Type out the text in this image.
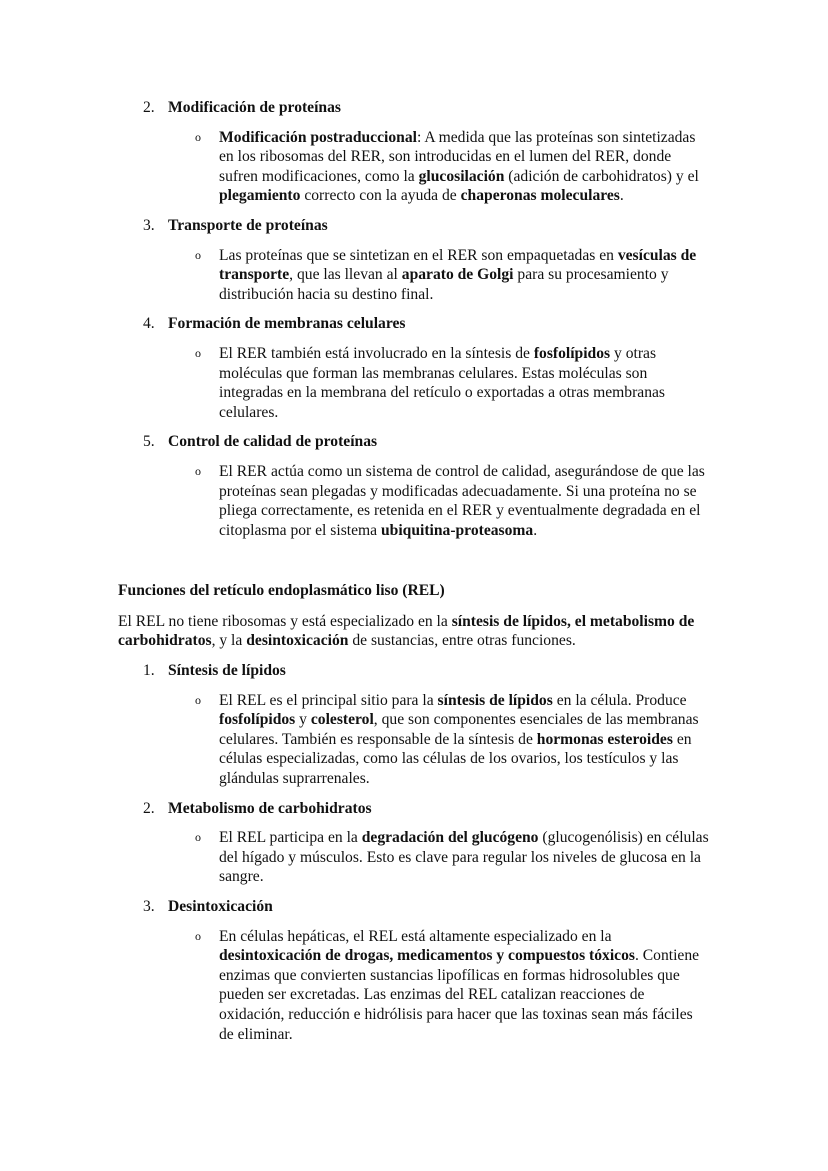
2. Modificación de proteínas
o Modificación postraduccional: A medida que las proteínas son sintetizadas en los ribosomas del RER, son introducidas en el lumen del RER, donde sufren modificaciones, como la glucosilación (adición de carbohidratos) y el plegamiento correcto con la ayuda de chaperonas moleculares.
3. Transporte de proteínas
o Las proteínas que se sintetizan en el RER son empaquetadas en vesículas de transporte, que las llevan al aparato de Golgi para su procesamiento y distribución hacia su destino final.
4. Formación de membranas celulares
o El RER también está involucrado en la síntesis de fosfolípidos y otras moléculas que forman las membranas celulares. Estas moléculas son integradas en la membrana del retículo o exportadas a otras membranas celulares.
5. Control de calidad de proteínas
o El RER actúa como un sistema de control de calidad, asegurándose de que las proteínas sean plegadas y modificadas adecuadamente. Si una proteína no se pliega correctamente, es retenida en el RER y eventualmente degradada en el citoplasma por el sistema ubiquitina-proteasoma.
Funciones del retículo endoplasmático liso (REL)
El REL no tiene ribosomas y está especializado en la síntesis de lípidos, el metabolismo de carbohidratos, y la desintoxicación de sustancias, entre otras funciones.
1. Síntesis de lípidos
o El REL es el principal sitio para la síntesis de lípidos en la célula. Produce fosfolípidos y colesterol, que son componentes esenciales de las membranas celulares. También es responsable de la síntesis de hormonas esteroides en células especializadas, como las células de los ovarios, los testículos y las glándulas suprarrenales.
2. Metabolismo de carbohidratos
o El REL participa en la degradación del glucógeno (glucogenólisis) en células del hígado y músculos. Esto es clave para regular los niveles de glucosa en la sangre.
3. Desintoxicación
o En células hepáticas, el REL está altamente especializado en la desintoxicación de drogas, medicamentos y compuestos tóxicos. Contiene enzimas que convierten sustancias lipofílicas en formas hidrosolubles que pueden ser excretadas. Las enzimas del REL catalizan reacciones de oxidación, reducción e hidrólisis para hacer que las toxinas sean más fáciles de eliminar.
